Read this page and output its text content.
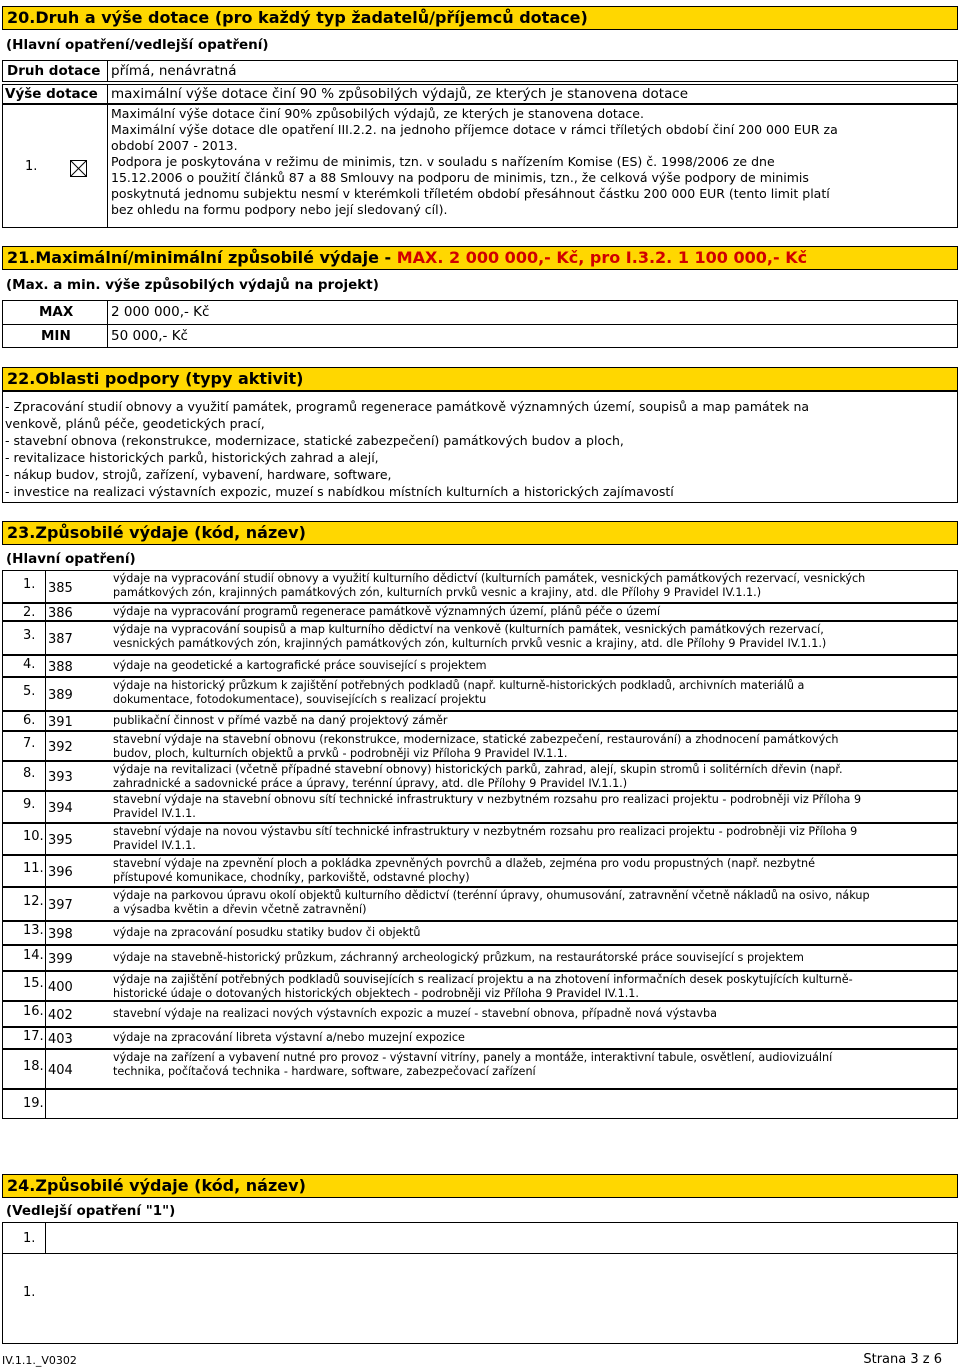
20.Druh a výše dotace (pro každý typ žadatelů/příjemců dotace)
(Hlavní opatření/vedlejší opatření)
Druh dotace přímá, nenávratná
Výše dotace maximální výše dotace činí 90 % způsobilých výdajů, ze kterých je stanovena dotace
1.
Maximální výše dotace činí 90% způsobilých výdajů, ze kterých je stanovena dotace.
Maximální výše dotace dle opatření III.2.2. na jednoho příjemce dotace v rámci tříletých období činí 200 000 EUR za
období 2007 - 2013.
Podpora je poskytována v režimu de minimis, tzn. v souladu s nařízením Komise (ES) č. 1998/2006 ze dne
15.12.2006 o použití článků 87 a 88 Smlouvy na podporu de minimis, tzn., že celková výše podpory de minimis
poskytnutá jednomu subjektu nesmí v kterémkoli tříletém období přesáhnout částku 200 000 EUR (tento limit platí
bez ohledu na formu podpory nebo její sledovaný cíl).
21.Maximální/minimální způsobilé výdaje - MAX. 2 000 000,- Kč, pro I.3.2. 1 100 000,- Kč
(Max. a min. výše způsobilých výdajů na projekt)
MAX	2 000 000,- Kč
MIN	50 000,- Kč
22.Oblasti podpory (typy aktivit)
- Zpracování studií obnovy a využití památek, programů regenerace památkově významných území, soupisů a map památek na
venkově, plánů péče, geodetických prací,
- stavební obnova (rekonstrukce, modernizace, statické zabezpečení) památkových budov a ploch,
- revitalizace historických parků, historických zahrad a alejí,
- nákup budov, strojů, zařízení, vybavení, hardware, software,
- investice na realizaci výstavních expozic, muzeí s nabídkou místních kulturních a historických zajímavostí
23.Způsobilé výdaje (kód, název)
(Hlavní opatření)
1. 385
výdaje na vypracování studií obnovy a využití kulturního dědictví (kulturních památek, vesnických památkových rezervací, vesnických
památkových zón, krajinných památkových zón, kulturních prvků vesnic a krajiny, atd. dle Přílohy 9 Pravidel IV.1.1.)
2. 386	výdaje na vypracování programů regenerace památkově významných území, plánů péče o území
3. 387
výdaje na vypracování soupisů a map kulturního dědictví na venkově (kulturních památek, vesnických památkových rezervací,
vesnických památkových zón, krajinných památkových zón, kulturních prvků vesnic a krajiny, atd. dle Přílohy 9 Pravidel IV.1.1.)
4. 388	výdaje na geodetické a kartografické práce související s projektem
5. 389
výdaje na historický průzkum k zajištění potřebných podkladů (např. kulturně-historických podkladů, archivních materiálů a
dokumentace, fotodokumentace), souvisejících s realizací projektu
6. 391	publikační činnost v přímé vazbě na daný projektový záměr
7. 392
stavební výdaje na stavební obnovu (rekonstrukce, modernizace, statické zabezpečení, restaurování) a zhodnocení památkových
budov, ploch, kulturních objektů a prvků - podrobněji viz Příloha 9 Pravidel IV.1.1.
8. 393
výdaje na revitalizaci (včetně případné stavební obnovy) historických parků, zahrad, alejí, skupin stromů i solitérních dřevin (např.
zahradnické a sadovnické práce a úpravy, terénní úpravy, atd. dle Přílohy 9 Pravidel IV.1.1.)
9. 394
stavební výdaje na stavební obnovu sítí technické infrastruktury v nezbytném rozsahu pro realizaci projektu - podrobněji viz Příloha 9
Pravidel IV.1.1.
10. 395
stavební výdaje na novou výstavbu sítí technické infrastruktury v nezbytném rozsahu pro realizaci projektu - podrobněji viz Příloha 9
Pravidel IV.1.1.
11. 396
stavební výdaje na zpevnění ploch a pokládka zpevněných povrchů a dlažeb, zejména pro vodu propustných (např. nezbytné
přístupové komunikace, chodníky, parkoviště, odstavné plochy)
12. 397
výdaje na parkovou úpravu okolí objektů kulturního dědictví (terénní úpravy, ohumusování, zatravnění včetně nákladů na osivo, nákup
a výsadba květin a dřevin včetně zatravnění)
13. 398	výdaje na zpracování posudku statiky budov či objektů
14. 399	výdaje na stavebně-historický průzkum, záchranný archeologický průzkum, na restaurátorské práce související s projektem
15. 400
výdaje na zajištění potřebných podkladů souvisejících s realizací projektu a na zhotovení informačních desek poskytujících kulturně-
historické údaje o dotovaných historických objektech - podrobněji viz Příloha 9 Pravidel IV.1.1.
16. 402	stavební výdaje na realizaci nových výstavních expozic a muzeí - stavební obnova, případně nová výstavba
17. 403	výdaje na zpracování libreta výstavní a/nebo muzejní expozice
18. 404
výdaje na zařízení a vybavení nutné pro provoz - výstavní vitríny, panely a montáže, interaktivní tabule, osvětlení, audiovizuální
technika, počítačová technika - hardware, software, zabezpečovací zařízení
19.
24.Způsobilé výdaje (kód, název)
(Vedlejší opatření "1")
1.
1.
IV.1.1._V0302	Strana 3 z 6
